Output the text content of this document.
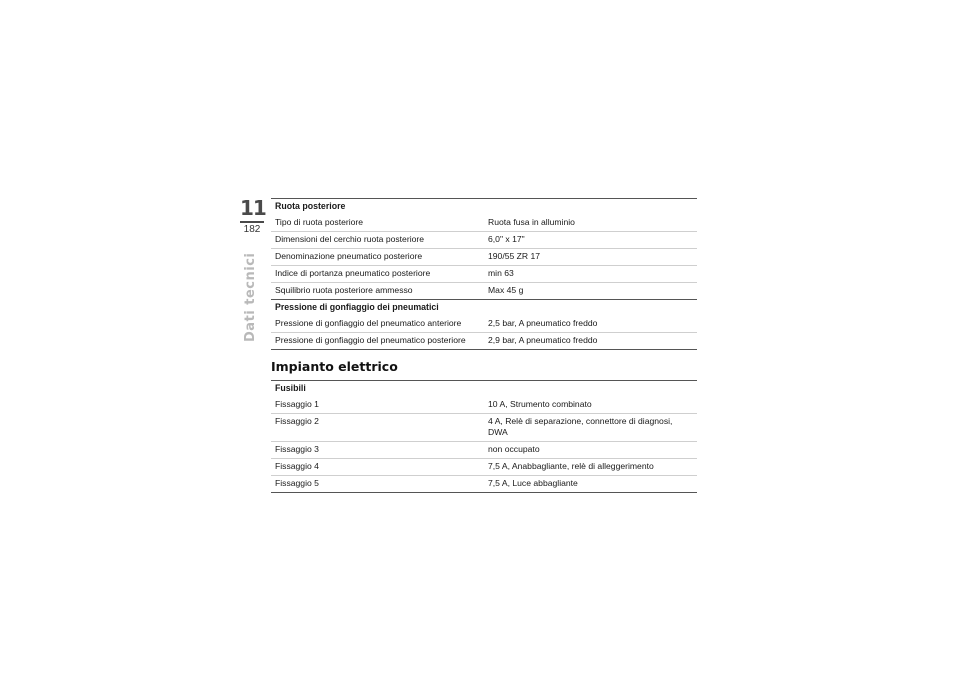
11
182
Dati tecnici
Ruota posteriore	
Tipo di ruota posteriore	Ruota fusa in alluminio
Dimensioni del cerchio ruota posteriore	6,0" x 17"
Denominazione pneumatico posteriore	190/55 ZR 17
Indice di portanza pneumatico posteriore	min 63
Squilibrio ruota posteriore ammesso	Max 45 g
Pressione di gonfiaggio dei pneumatici	
Pressione di gonfiaggio del pneumatico anteriore	2,5 bar, A pneumatico freddo
Pressione di gonfiaggio del pneumatico posteriore	2,9 bar, A pneumatico freddo
Impianto elettrico
Fusibili	
Fissaggio 1	10 A, Strumento combinato
Fissaggio 2	4 A, Relè di separazione, connettore di diagnosi, DWA
Fissaggio 3	non occupato
Fissaggio 4	7,5 A, Anabbagliante, relè di alleggerimento
Fissaggio 5	7,5 A, Luce abbagliante
